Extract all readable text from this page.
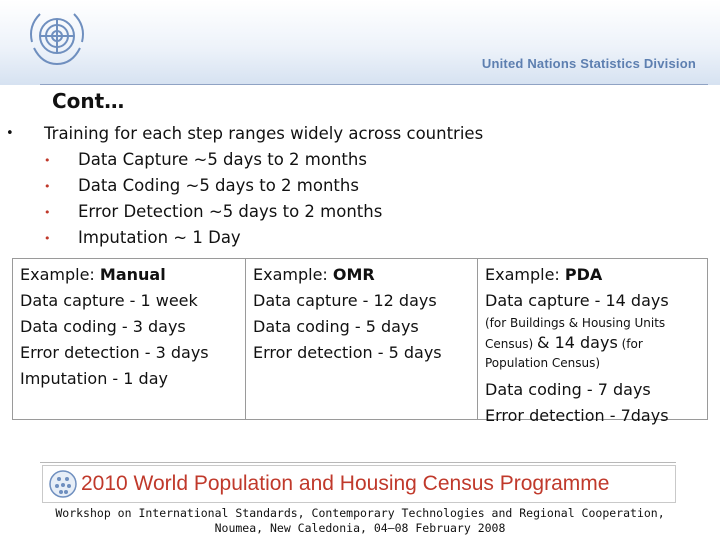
United Nations Statistics Division
Cont…
• Training for each step ranges widely across countries
• Data Capture ~5 days to 2 months
• Data Coding ~5 days to 2 months
• Error Detection ~5 days to 2 months
• Imputation ~ 1 Day
Example: Manual
Data capture - 1 week
Data coding - 3 days
Error detection - 3 days
Imputation - 1 day
Example: OMR
Data capture - 12 days
Data coding - 5 days
Error detection - 5 days
Example: PDA
Data capture - 14 days
(for Buildings & Housing Units
Census) & 14 days (for
Population Census)
Data coding - 7 days
Error detection - 7days
2010 World Population and Housing Census Programme
Workshop on International Standards, Contemporary Technologies and Regional Cooperation,
Noumea, New Caledonia, 04–08 February 2008
